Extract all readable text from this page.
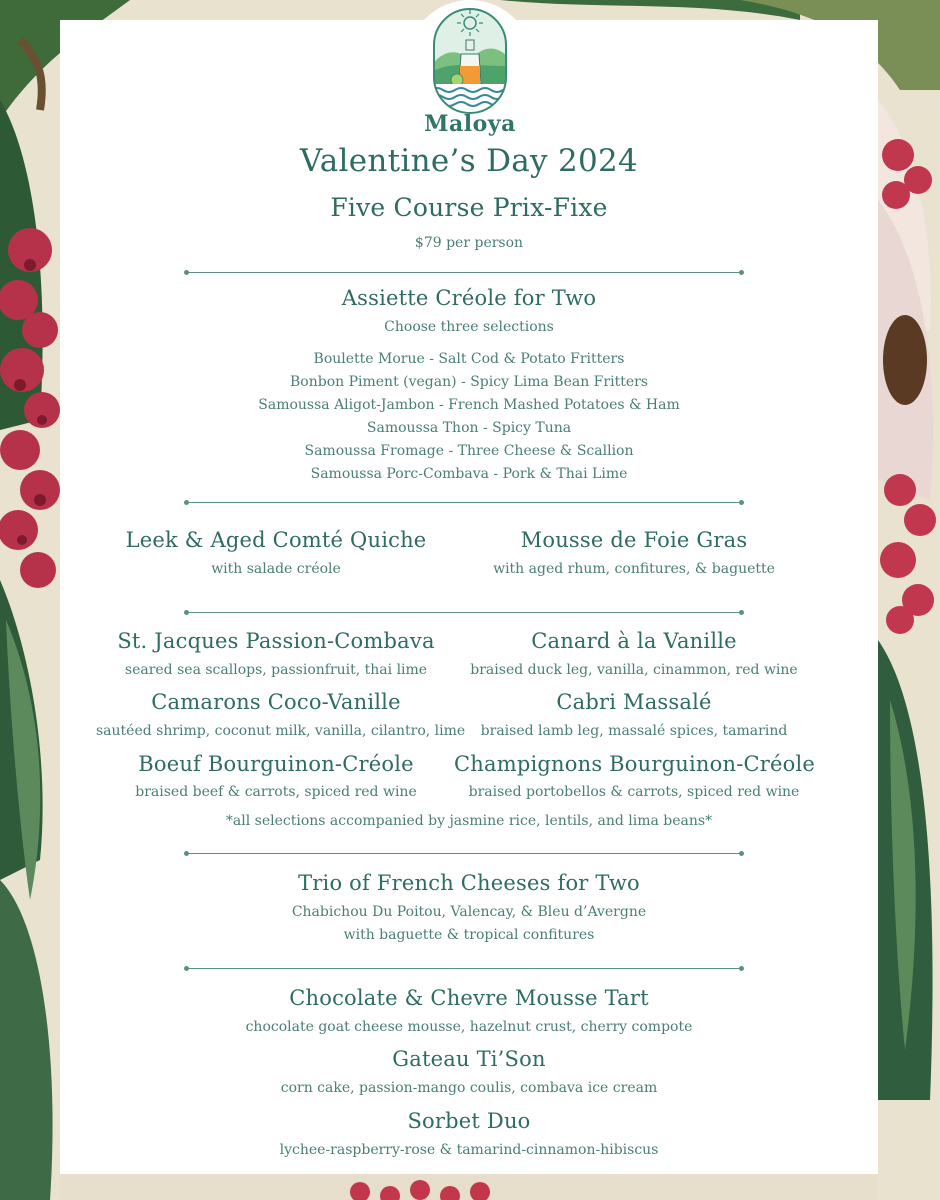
Maloya
Valentine’s Day 2024
Five Course Prix-Fixe
$79 per person
Assiette Créole for Two
Choose three selections
Boulette Morue - Salt Cod & Potato Fritters
Bonbon Piment (vegan) - Spicy Lima Bean Fritters
Samoussa Aligot-Jambon - French Mashed Potatoes & Ham
Samoussa Thon - Spicy Tuna
Samoussa Fromage - Three Cheese & Scallion
Samoussa Porc-Combava - Pork & Thai Lime
Leek & Aged Comté Quiche
with salade créole
Mousse de Foie Gras
with aged rhum, confitures, & baguette
St. Jacques Passion-Combava
seared sea scallops, passionfruit, thai lime
Canard à la Vanille
braised duck leg, vanilla, cinammon, red wine
Camarons Coco-Vanille
sautéed shrimp, coconut milk, vanilla, cilantro, lime
Cabri Massalé
braised lamb leg, massalé spices, tamarind
Boeuf Bourguinon-Créole
braised beef & carrots, spiced red wine
Champignons Bourguinon-Créole
braised portobellos & carrots, spiced red wine
*all selections accompanied by jasmine rice, lentils, and lima beans*
Trio of French Cheeses for Two
Chabichou Du Poitou, Valencay, & Bleu d’Avergne
with baguette & tropical confitures
Chocolate & Chevre Mousse Tart
chocolate goat cheese mousse, hazelnut crust, cherry compote
Gateau Ti’Son
corn cake, passion-mango coulis, combava ice cream
Sorbet Duo
lychee-raspberry-rose & tamarind-cinnamon-hibiscus
